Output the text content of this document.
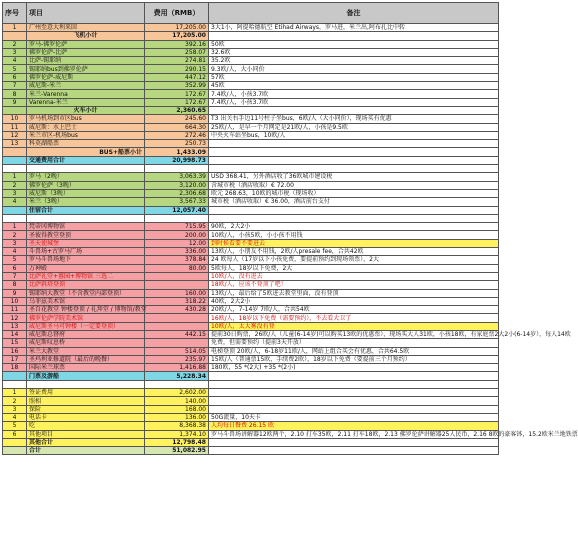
序号	项目	费用（RMB）	备注
1	广州至意大利来回	17,205.00	3大1小，阿提哈德航空 Etihad Airways，罗马进，米兰出,阿布扎比中转
	飞机小计	17,205.00	
2	罗马-佛罗伦萨	392.16	50欧
3	佛罗伦萨-比萨	258.07	32.6欧
4	比萨-锡耶纳	274.81	35.2欧
5	锡耶纳bus到佛罗伦萨	290.15	9.3欧/人，大小同价
6	佛罗伦萨-威尼斯	447.12	57欧
7	威尼斯-米兰	352.99	45欧
8	米兰-Varenna	172.67	7.4欧/人，小孩3.7欧
9	Varenna-米兰	172.67	7.4欧/人，小孩3.7欧
	火车小计	2,360.65	
10	罗马机场到市区bus	245.60	T3 出关右手边11号柱子坐bus，6欧/人（大小同价），现场买有优惠
11	威尼斯：水上巴士	664.30	25欧/人，是早一个月网定是21欧/人，小孩是9.5欧
12	米兰市区-机场bus	272.46	中央火车站坐bus，10欧/人
13	科莫湖船票	250.73	
	BUS+船票小计	1,433.09	
	交通费用合计	20,998.73	

1	罗马（2晚）	3,063.39	USD 368.41，另外酒店收了36欧城市建设税
2	佛罗伦萨（3晚）	3,120.00	含城市税（酒店收取）€ 72.00
3	威尼斯（3晚）	2,306.68	欧元 268.63，10欧的城市税（现场收）
4	米兰（3晚）	3,567.33	城市税（酒店收取）€ 36.00，酒店前台支付
	住宿合计	12,057.40	

1	梵蒂冈博物馆	715.95	90欧，2大2小
2	圣彼得教堂登顶	200.00	10欧/人，小孩5欧，小小孩不用钱
3	圣天使城堡	12.00	到时候看要不要进去
4	斗兽场+古罗马广场	336.00	13欧/人，小朋友不用钱，2欧/人presale fee，合共42欧
5	罗马斗兽场地下	378.84	24 欧每人（17岁以下小孩免费，要提前预约到现场领票），2大
6	万神殿	80.00	5欧每人，18岁以下免费，2大
7	比萨礼堂+墓园+博物馆 三选二		10欧/人，没有进去
8	比萨斜塔登顶		18欧/人，应该不登顶了吧！
9	锡耶纳大教堂（不含教堂内部登顶）	160.00	13欧/人，最后给了5欧进去教堂里面，没有登顶
10	乌菲兹美术馆	318.22	40欧，2大2小
11	圣百花教堂 钟楼登顶 / 礼拜堂 / 博物馆/教堂	430.28	20欧/人，7-14岁 7欧/人，合共54欧
12	佛罗伦萨学院美术馆		16欧/人，18岁以下免费（需要预约），不去看大卫了
13	威尼斯圣马可钟楼（一定要登顶）		10欧/人，太大雾没有登
14	威尼斯总督府	442.15	提前30日购票，26欧/人（儿童(6-14岁)可以购买13欧的优惠票），现场买大人31欧，小孩18欧，有家庭票2大2小(6-14岁），每人14欧
15	威尼斯叹息桥		免费，但需要预约（提前3天开放）
16	米兰大教堂	514.05	电梯登顶 20欧/人，6-18岁11欧/人，网站上组合买会有优惠，合共64.5欧
17	圣玛利亚修道院（最后的晚餐）	235.97	15欧/人（普通票15欧，手续费2欧），18岁以下免费（要提前三个月预约）
18	国际米兰球票	1,416.88	180欧，55 *(2大) +35 *(2小)
	门票及游船	5,228.34	

1	签证费用	2,602.00	
2	照相	140.00	
3	保险	168.00	
4	电话卡	136.00	50G流量，10天卡
5	吃	8,368.38	人均每日餐费 26.15 欧
6	其他项目	1,374.10	罗马斗兽场讲解器12欧两个，2.10 打车35欧，2.11 打车18欧，2.13 佛罗伦萨讲解器25人民币，2.16 8欧的豪客钵，15.2欧米兰地铁票
	其他合计	12,798.48	
	合计	51,082.95	
